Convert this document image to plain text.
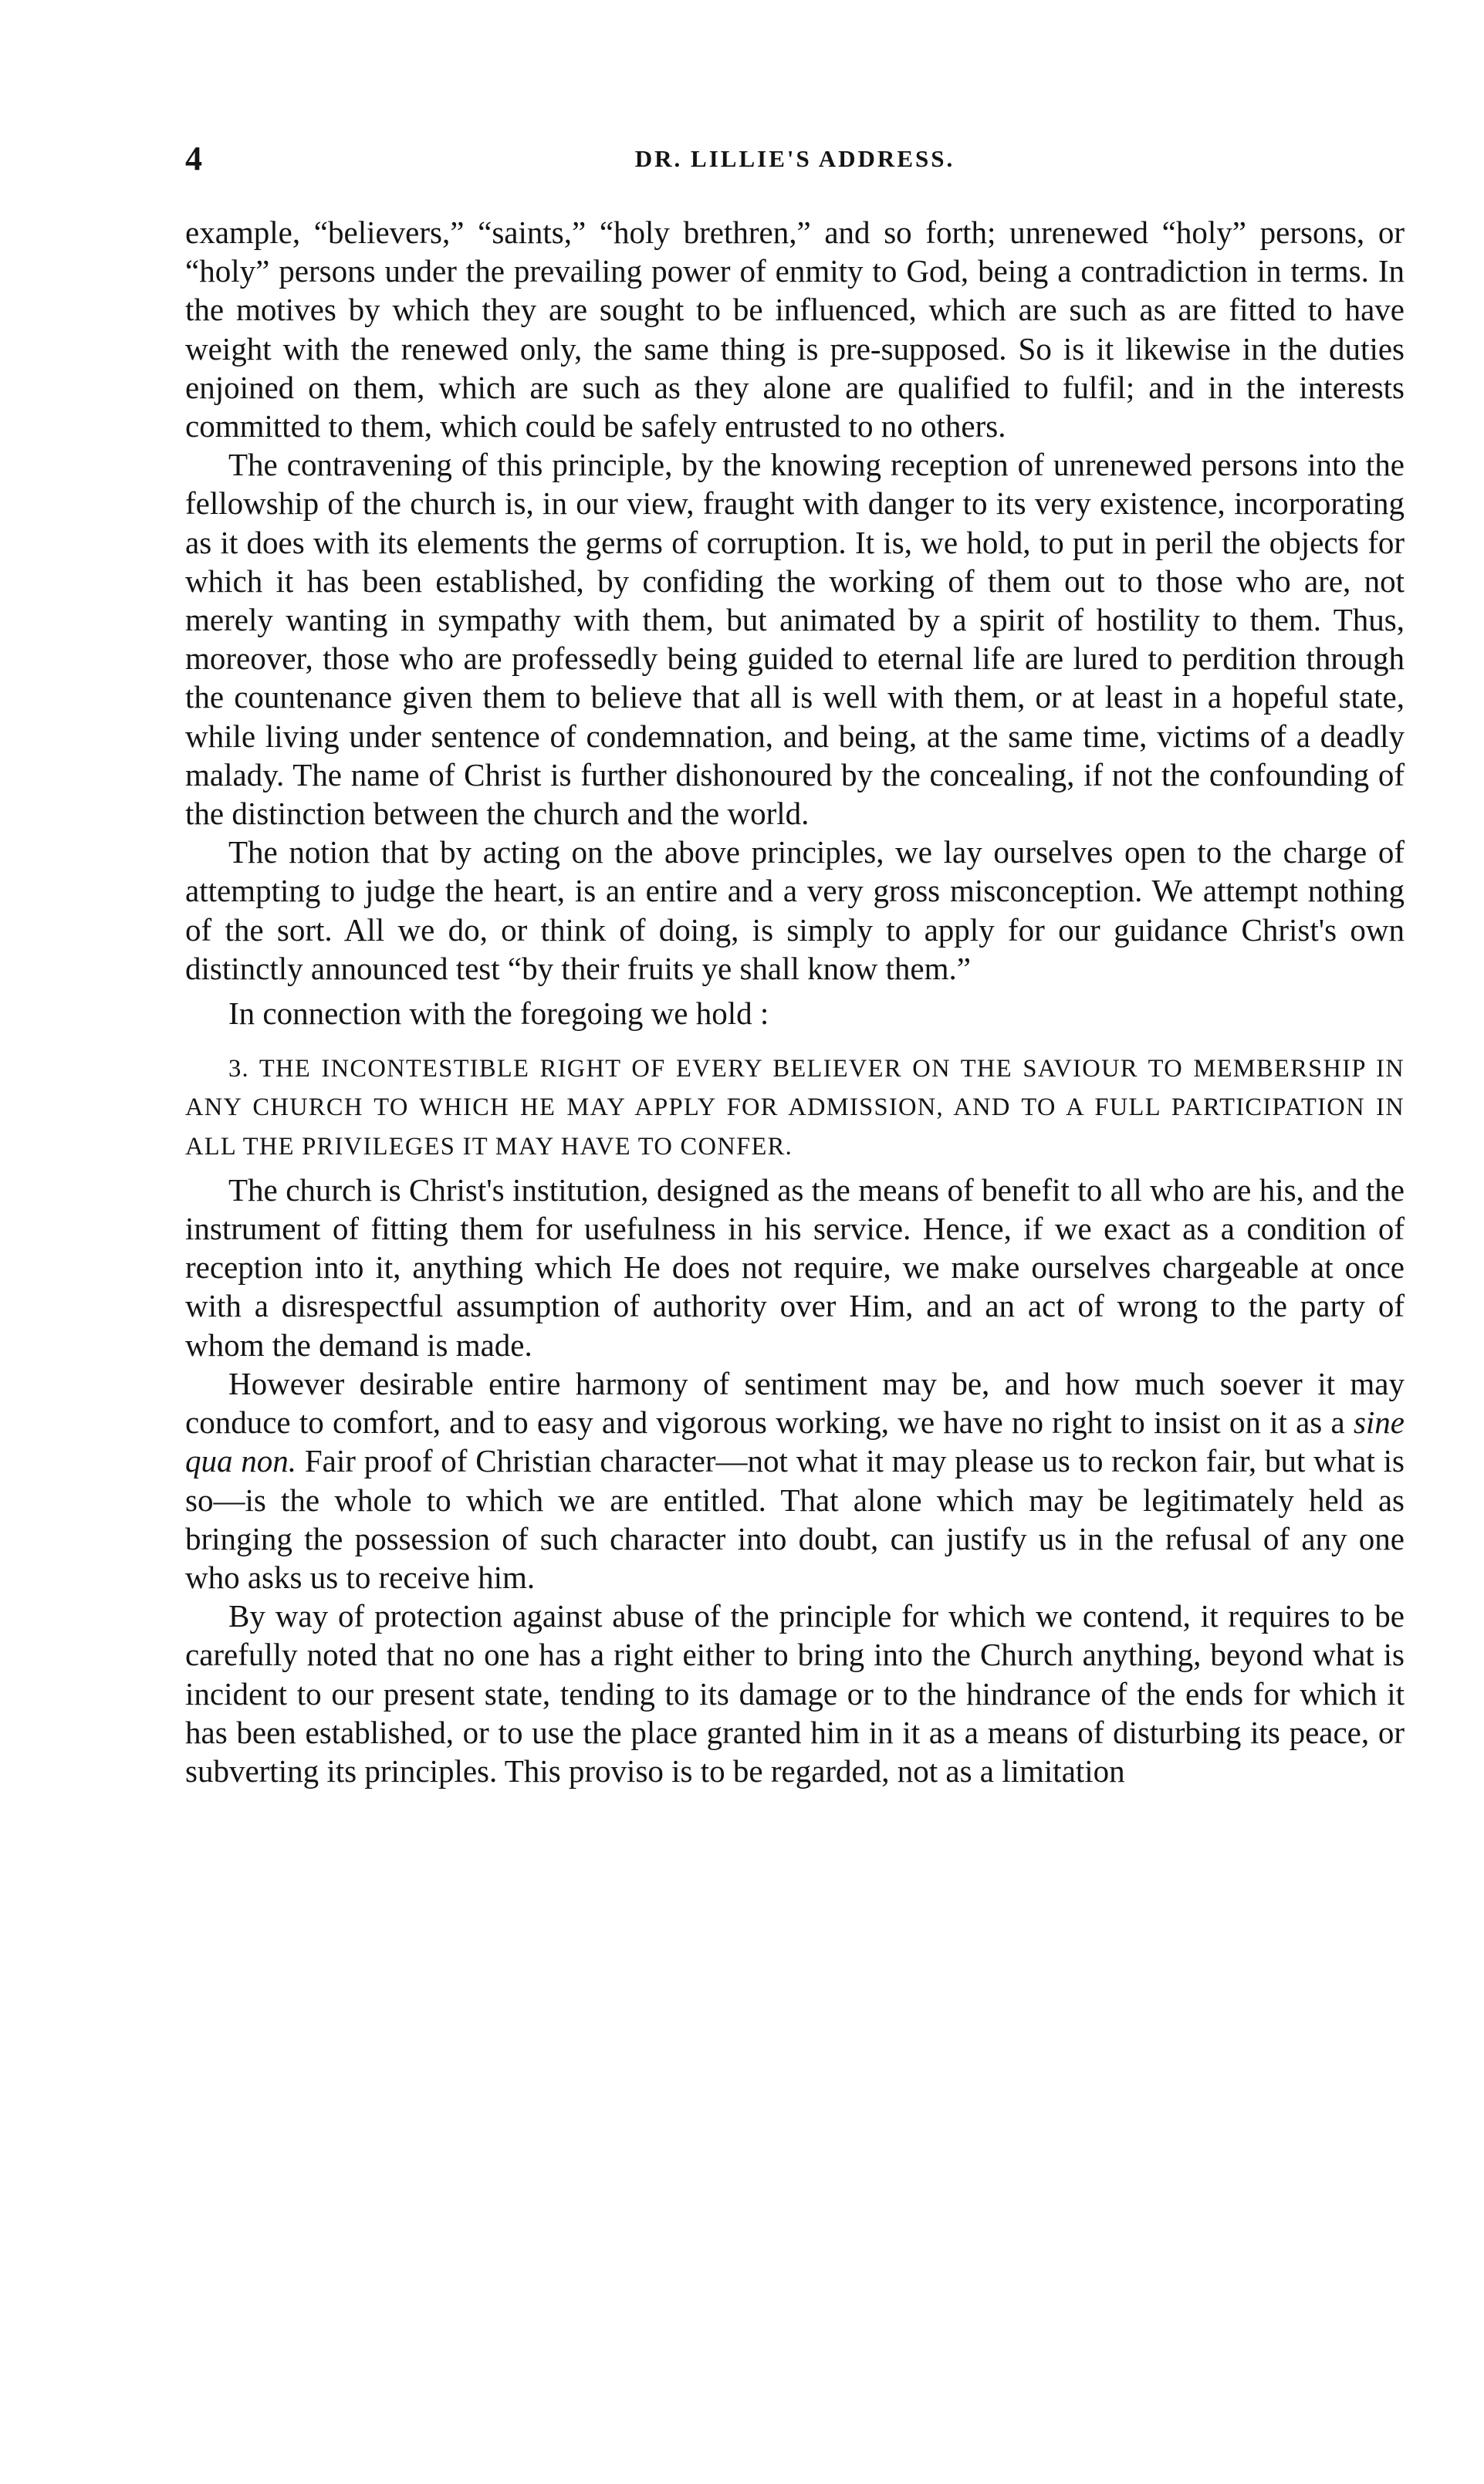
4	DR. LILLIE'S ADDRESS.

example, “believers,” “saints,” “holy brethren,” and so forth; unrenewed “holy” persons, or “holy” persons under the prevailing power of enmity to God, being a contradiction in terms. In the motives by which they are sought to be influenced, which are such as are fitted to have weight with the renewed only, the same thing is pre-supposed. So is it likewise in the duties enjoined on them, which are such as they alone are qualified to fulfil; and in the interests committed to them, which could be safely entrusted to no others.

The contravening of this principle, by the knowing reception of unrenewed persons into the fellowship of the church is, in our view, fraught with danger to its very existence, incorporating as it does with its elements the germs of corruption. It is, we hold, to put in peril the objects for which it has been established, by confiding the working of them out to those who are, not merely wanting in sympathy with them, but animated by a spirit of hostility to them. Thus, moreover, those who are professedly being guided to eternal life are lured to perdition through the countenance given them to believe that all is well with them, or at least in a hopeful state, while living under sentence of condemnation, and being, at the same time, victims of a deadly malady. The name of Christ is further dishonoured by the concealing, if not the confounding of the distinction between the church and the world.

The notion that by acting on the above principles, we lay ourselves open to the charge of attempting to judge the heart, is an entire and a very gross misconception. We attempt nothing of the sort. All we do, or think of doing, is simply to apply for our guidance Christ's own distinctly announced test “by their fruits ye shall know them.”

In connection with the foregoing we hold :

3. THE INCONTESTIBLE RIGHT OF EVERY BELIEVER ON THE SAVIOUR TO MEMBERSHIP IN ANY CHURCH TO WHICH HE MAY APPLY FOR ADMISSION, AND TO A FULL PARTICIPATION IN ALL THE PRIVILEGES IT MAY HAVE TO CONFER.

The church is Christ's institution, designed as the means of benefit to all who are his, and the instrument of fitting them for usefulness in his service. Hence, if we exact as a condition of reception into it, anything which He does not require, we make ourselves chargeable at once with a disrespectful assumption of authority over Him, and an act of wrong to the party of whom the demand is made.

However desirable entire harmony of sentiment may be, and how much soever it may conduce to comfort, and to easy and vigorous working, we have no right to insist on it as a sine qua non. Fair proof of Christian character—not what it may please us to reckon fair, but what is so—is the whole to which we are entitled. That alone which may be legitimately held as bringing the possession of such character into doubt, can justify us in the refusal of any one who asks us to receive him.

By way of protection against abuse of the principle for which we contend, it requires to be carefully noted that no one has a right either to bring into the Church anything, beyond what is incident to our present state, tending to its damage or to the hindrance of the ends for which it has been established, or to use the place granted him in it as a means of disturbing its peace, or subverting its principles. This proviso is to be regarded, not as a limitation
